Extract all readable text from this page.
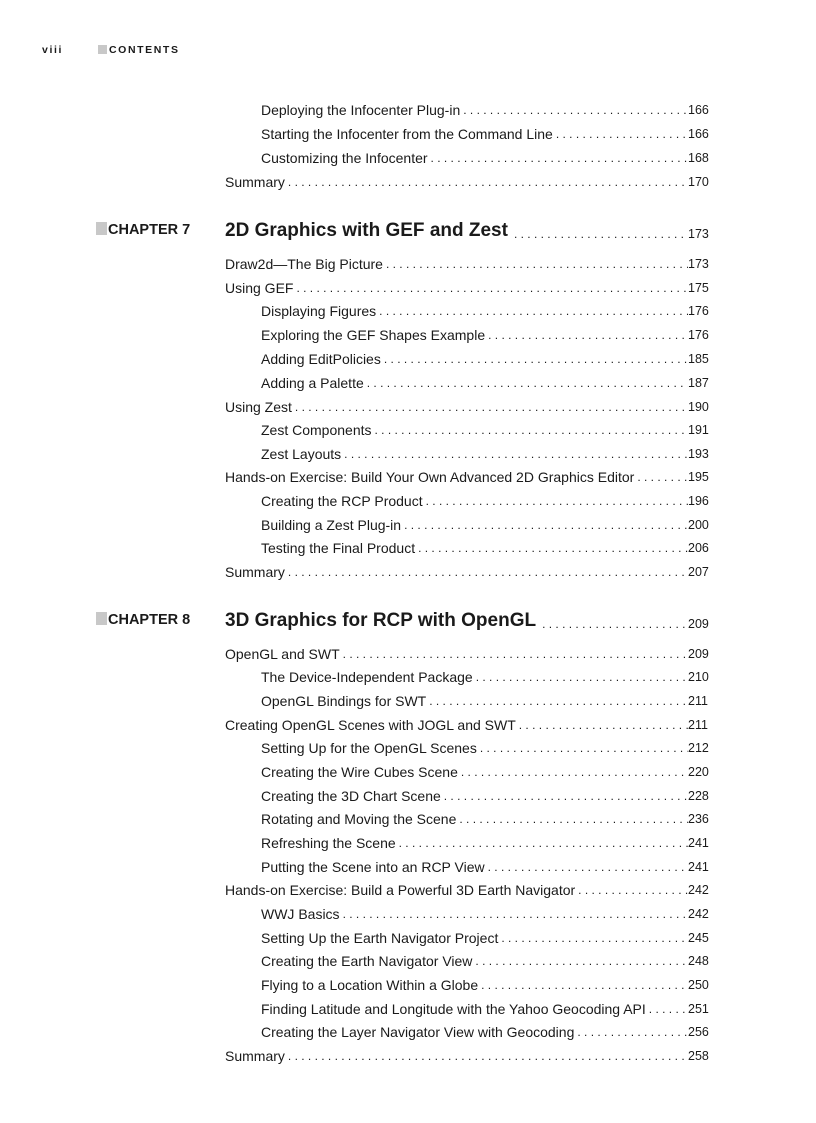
viii	CONTENTS
Deploying the Infocenter Plug-in . . .	166
Starting the Infocenter from the Command Line . . .	166
Customizing the Infocenter . . .	168
Summary . . .	170
CHAPTER 7 2D Graphics with GEF and Zest . . .	173
Draw2d—The Big Picture . . .	173
Using GEF . . .	175
Displaying Figures . . .	176
Exploring the GEF Shapes Example . . .	176
Adding EditPolicies . . .	185
Adding a Palette . . .	187
Using Zest . . .	190
Zest Components . . .	191
Zest Layouts . . .	193
Hands-on Exercise: Build Your Own Advanced 2D Graphics Editor . . .	195
Creating the RCP Product . . .	196
Building a Zest Plug-in . . .	200
Testing the Final Product . . .	206
Summary . . .	207
CHAPTER 8 3D Graphics for RCP with OpenGL . . .	209
OpenGL and SWT . . .	209
The Device-Independent Package . . .	210
OpenGL Bindings for SWT . . .	211
Creating OpenGL Scenes with JOGL and SWT . . .	211
Setting Up for the OpenGL Scenes . . .	212
Creating the Wire Cubes Scene . . .	220
Creating the 3D Chart Scene . . .	228
Rotating and Moving the Scene . . .	236
Refreshing the Scene . . .	241
Putting the Scene into an RCP View . . .	241
Hands-on Exercise: Build a Powerful 3D Earth Navigator . . .	242
WWJ Basics . . .	242
Setting Up the Earth Navigator Project . . .	245
Creating the Earth Navigator View . . .	248
Flying to a Location Within a Globe . . .	250
Finding Latitude and Longitude with the Yahoo Geocoding API . . .	251
Creating the Layer Navigator View with Geocoding . . .	256
Summary . . .	258
